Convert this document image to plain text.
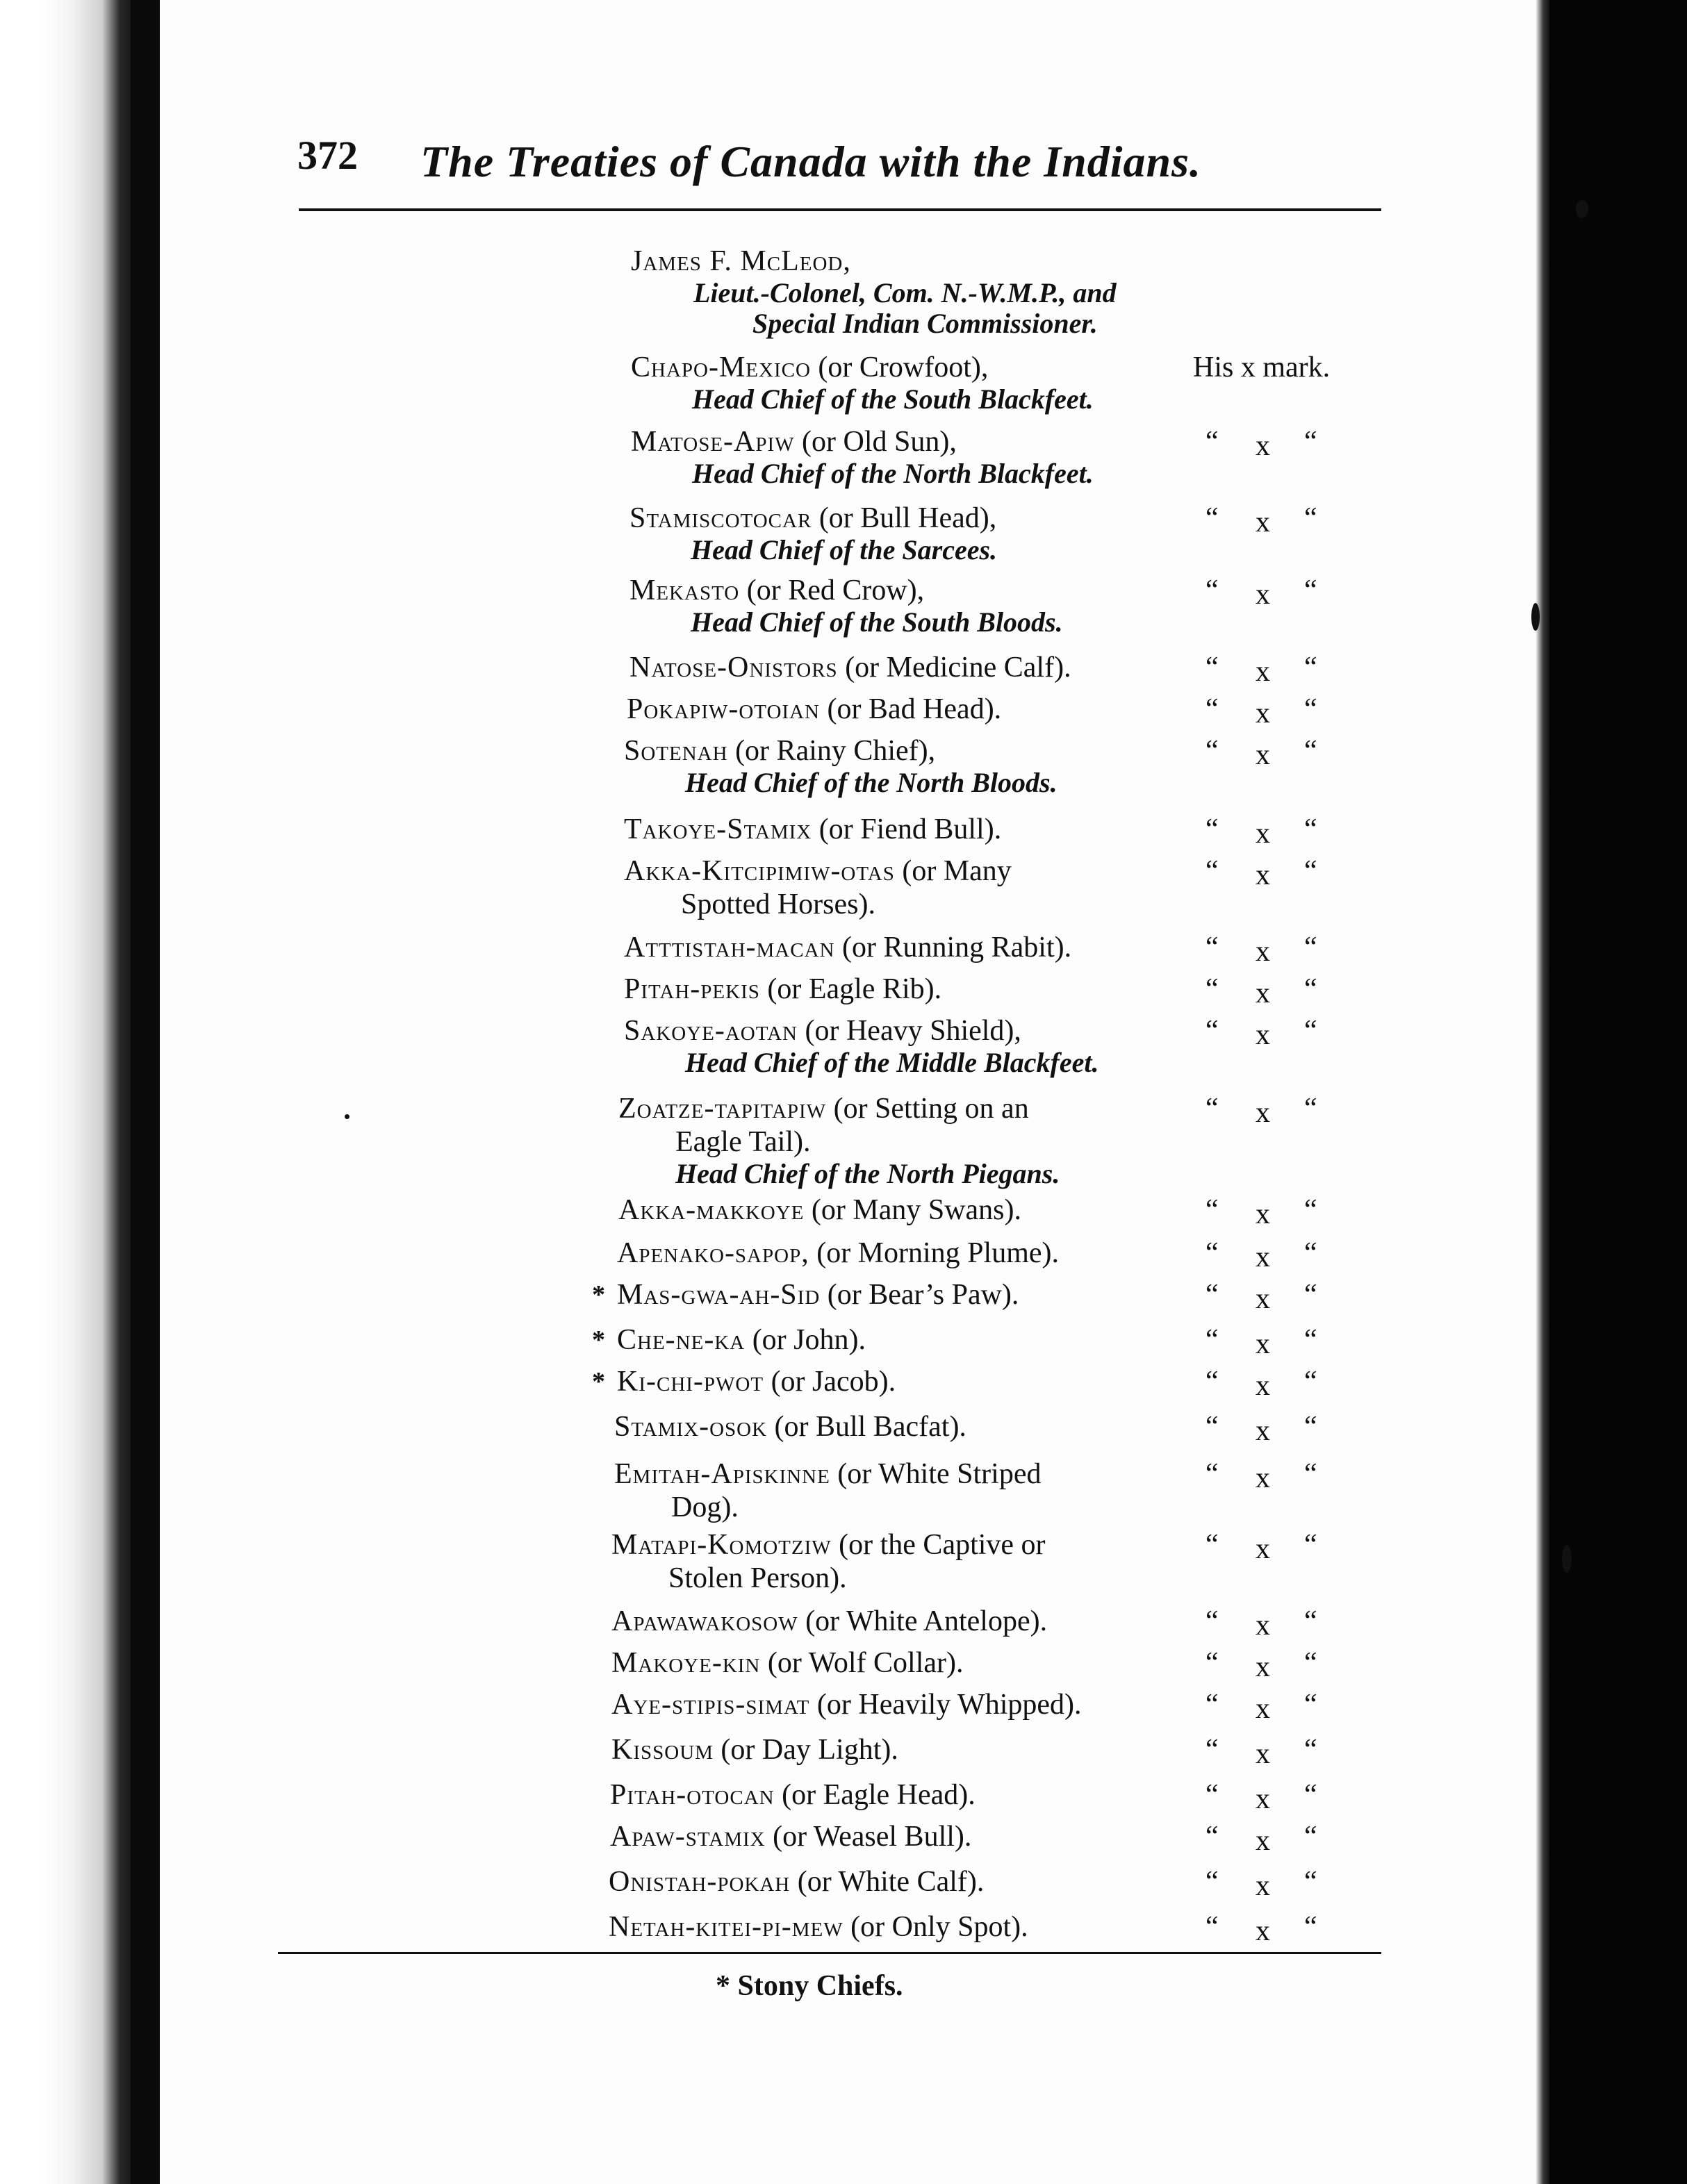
372 The Treaties of Canada with the Indians.
James F. McLeod,
Lieut.-Colonel, Com. N.-W.M.P., and
Special Indian Commissioner.
Chapo-Mexico (or Crowfoot),	His x mark.
Head Chief of the South Blackfeet.
Matose-Apiw (or Old Sun),	“ x “
Head Chief of the North Blackfeet.
Stamiscotocar (or Bull Head),	“ x “
Head Chief of the Sarcees.
Mekasto (or Red Crow),	“ x “
Head Chief of the South Bloods.
Natose-Onistors (or Medicine Calf).	“ x “
Pokapiw-otoian (or Bad Head).	“ x “
Sotenah (or Rainy Chief),	“ x “
Head Chief of the North Bloods.
Takoye-Stamix (or Fiend Bull).	“ x “
Akka-Kitcipimiw-otas (or Many	“ x “
Spotted Horses).
Atttistah-macan (or Running Rabit).	“ x “
Pitah-pekis (or Eagle Rib).	“ x “
Sakoye-aotan (or Heavy Shield),	“ x “
Head Chief of the Middle Blackfeet.
Zoatze-tapitapiw (or Setting on an	“ x “
Eagle Tail).
Head Chief of the North Piegans.
Akka-makkoye (or Many Swans).	“ x “
Apenako-sapop, (or Morning Plume).	“ x “
* Mas-gwa-ah-Sid (or Bear’s Paw).	“ x “
* Che-ne-ka (or John).	“ x “
* Ki-chi-pwot (or Jacob).	“ x “
Stamix-osok (or Bull Bacfat).	“ x “
Emitah-Apiskinne (or White Striped	“ x “
Dog).
Matapi-Komotziw (or the Captive or	“ x “
Stolen Person).
Apawawakosow (or White Antelope).	“ x “
Makoye-kin (or Wolf Collar).	“ x “
Aye-stipis-simat (or Heavily Whipped).	“ x “
Kissoum (or Day Light).	“ x “
Pitah-otocan (or Eagle Head).	“ x “
Apaw-stamix (or Weasel Bull).	“ x “
Onistah-pokah (or White Calf).	“ x “
Netah-kitei-pi-mew (or Only Spot).	“ x “
* Stony Chiefs.
